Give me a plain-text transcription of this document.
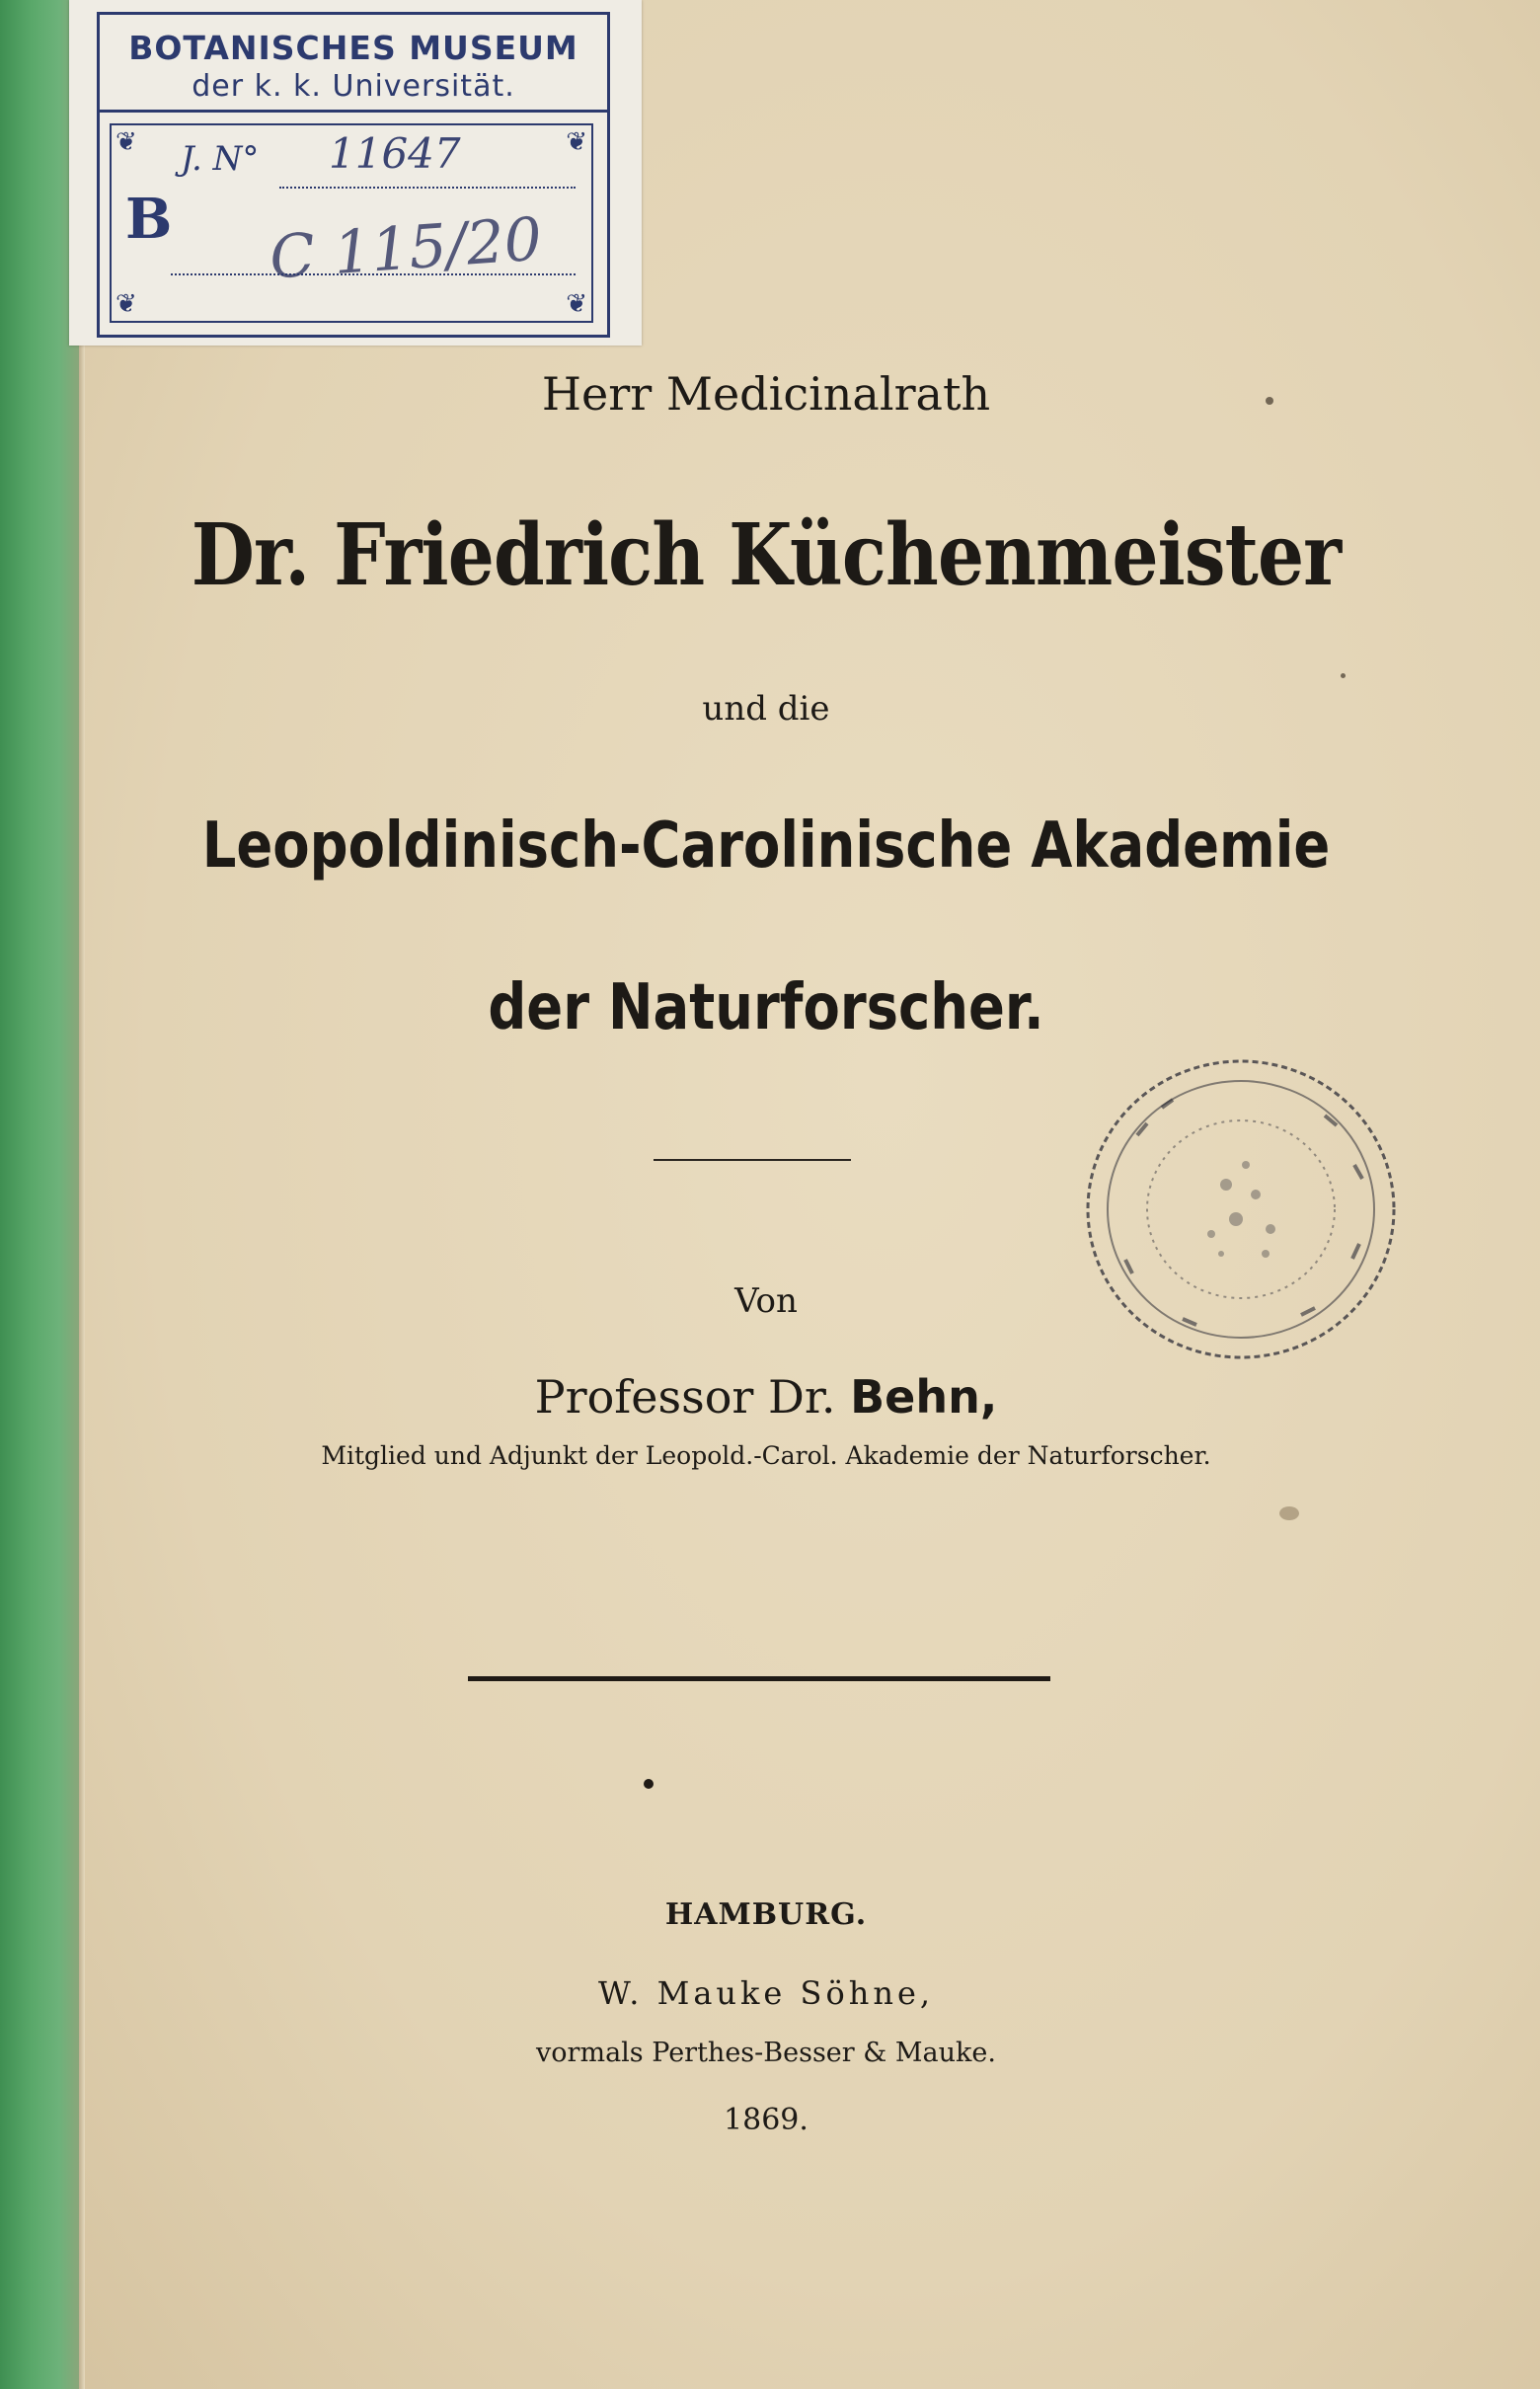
BOTANISCHES MUSEUM
der k. k. Universität.
❦	❦
❦	❦
B
J. N° 11647
C 115/20
Herr Medicinalrath
Dr. Friedrich Küchenmeister
und die
Leopoldinisch-Carolinische Akademie
der Naturforscher.
Von
Professor Dr. Behn,
Mitglied und Adjunkt der Leopold.-Carol. Akademie der Naturforscher.
HAMBURG.
W. Mauke Söhne,
vormals Perthes-Besser & Mauke.
1869.
